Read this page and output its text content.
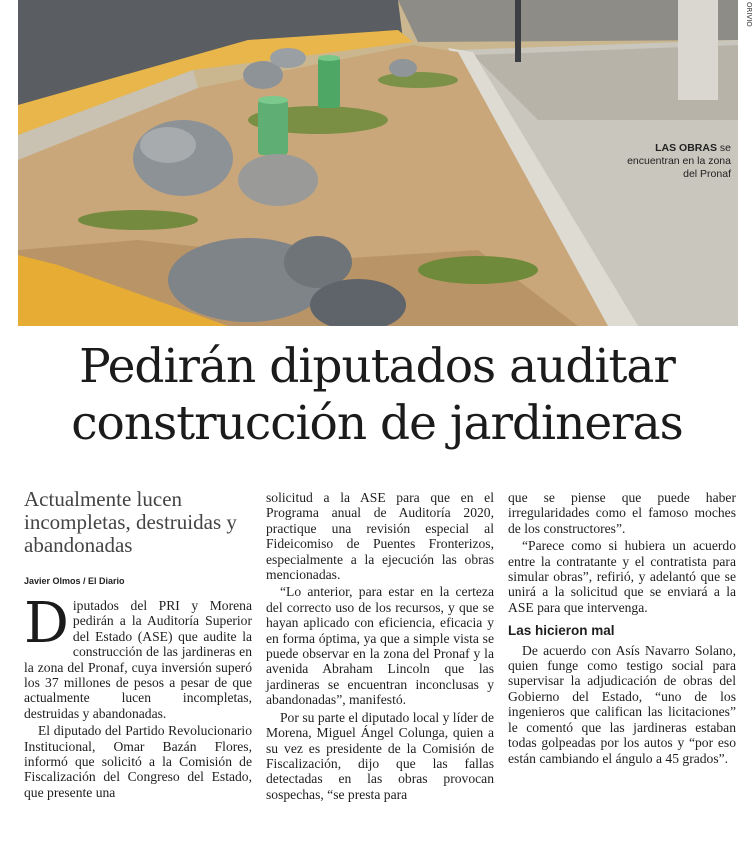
ORIVIO
LAS OBRAS se encuentran en la zona del Pronaf
Pedirán diputados auditar construcción de jardineras
Actualmente lucen incompletas, destruidas y abandonadas
Javier Olmos / El Diario

Diputados del PRI y Morena pedirán a la Auditoría Superior del Estado (ASE) que audite la construcción de las jardineras en la zona del Pronaf, cuya inversión superó los 37 millones de pesos a pesar de que actualmente lucen incompletas, destruidas y abandonadas.

El diputado del Partido Revolucionario Institucional, Omar Bazán Flores, informó que solicitó a la Comisión de Fiscalización del Congreso del Estado, que presente una

solicitud a la ASE para que en el Programa anual de Auditoría 2020, practique una revisión especial al Fideicomiso de Puentes Fronterizos, especialmente a la ejecución las obras mencionadas.

“Lo anterior, para estar en la certeza del correcto uso de los recursos, y que se hayan aplicado con eficiencia, eficacia y en forma óptima, ya que a simple vista se puede observar en la zona del Pronaf y la avenida Abraham Lincoln que las jardineras se encuentran inconclusas y abandonadas”, manifestó.

Por su parte el diputado local y líder de Morena, Miguel Ángel Colunga, quien a su vez es presidente de la Comisión de Fiscalización, dijo que las fallas detectadas en las obras provocan sospechas, “se presta para

que se piense que puede haber irregularidades como el famoso moches de los constructores”.

“Parece como si hubiera un acuerdo entre la contratante y el contratista para simular obras”, refirió, y adelantó que se unirá a la solicitud que se enviará a la ASE para que intervenga.

Las hicieron mal

De acuerdo con Asís Navarro Solano, quien funge como testigo social para supervisar la adjudicación de obras del Gobierno del Estado, “uno de los ingenieros que califican las licitaciones” le comentó que las jardineras estaban todas golpeadas por los autos y “por eso están cambiando el ángulo a 45 grados”.
